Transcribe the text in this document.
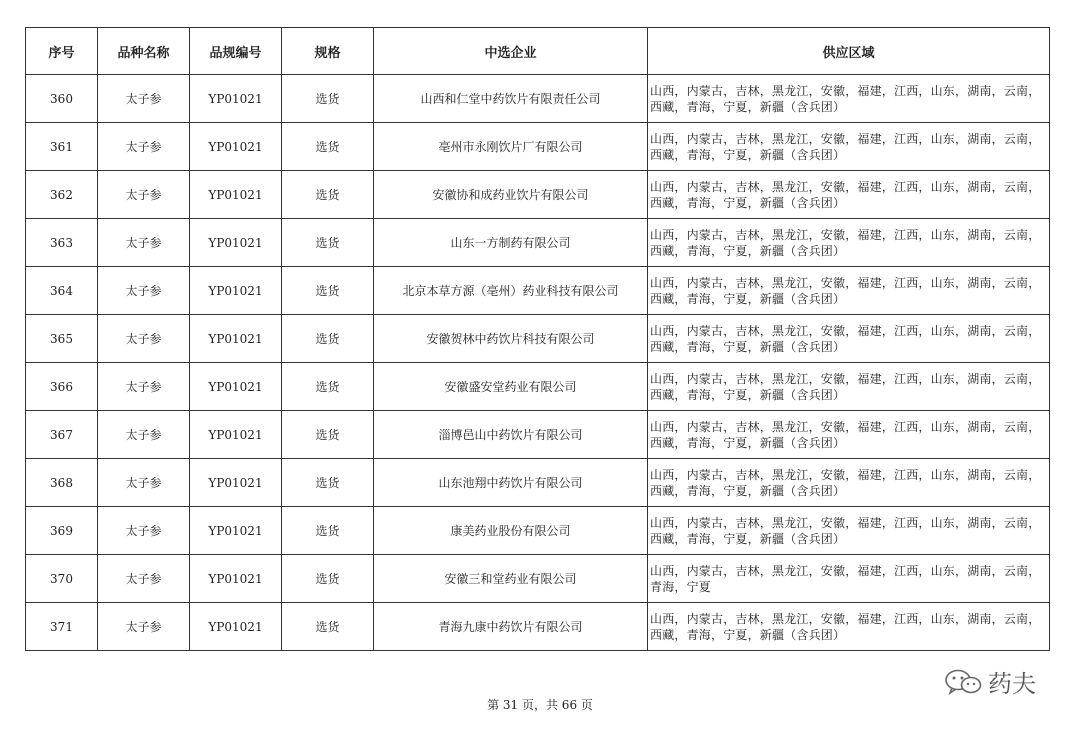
序号	品种名称	品规编号	规格	中选企业	供应区域
360	太子参	YP01021	选货	山西和仁堂中药饮片有限责任公司	山西，内蒙古，吉林，黑龙江，安徽，福建，江西，山东，湖南，云南，西藏，青海，宁夏，新疆（含兵团）
361	太子参	YP01021	选货	亳州市永刚饮片厂有限公司	山西，内蒙古，吉林，黑龙江，安徽，福建，江西，山东，湖南，云南，西藏，青海，宁夏，新疆（含兵团）
362	太子参	YP01021	选货	安徽协和成药业饮片有限公司	山西，内蒙古，吉林，黑龙江，安徽，福建，江西，山东，湖南，云南，西藏，青海，宁夏，新疆（含兵团）
363	太子参	YP01021	选货	山东一方制药有限公司	山西，内蒙古，吉林，黑龙江，安徽，福建，江西，山东，湖南，云南，西藏，青海，宁夏，新疆（含兵团）
364	太子参	YP01021	选货	北京本草方源（亳州）药业科技有限公司	山西，内蒙古，吉林，黑龙江，安徽，福建，江西，山东，湖南，云南，西藏，青海，宁夏，新疆（含兵团）
365	太子参	YP01021	选货	安徽贺林中药饮片科技有限公司	山西，内蒙古，吉林，黑龙江，安徽，福建，江西，山东，湖南，云南，西藏，青海，宁夏，新疆（含兵团）
366	太子参	YP01021	选货	安徽盛安堂药业有限公司	山西，内蒙古，吉林，黑龙江，安徽，福建，江西，山东，湖南，云南，西藏，青海，宁夏，新疆（含兵团）
367	太子参	YP01021	选货	淄博邑山中药饮片有限公司	山西，内蒙古，吉林，黑龙江，安徽，福建，江西，山东，湖南，云南，西藏，青海，宁夏，新疆（含兵团）
368	太子参	YP01021	选货	山东池翔中药饮片有限公司	山西，内蒙古，吉林，黑龙江，安徽，福建，江西，山东，湖南，云南，西藏，青海，宁夏，新疆（含兵团）
369	太子参	YP01021	选货	康美药业股份有限公司	山西，内蒙古，吉林，黑龙江，安徽，福建，江西，山东，湖南，云南，西藏，青海，宁夏，新疆（含兵团）
370	太子参	YP01021	选货	安徽三和堂药业有限公司	山西，内蒙古，吉林，黑龙江，安徽，福建，江西，山东，湖南，云南，青海，宁夏
371	太子参	YP01021	选货	青海九康中药饮片有限公司	山西，内蒙古，吉林，黑龙江，安徽，福建，江西，山东，湖南，云南，西藏，青海，宁夏，新疆（含兵团）
第 31 页，共 66 页
药夫
